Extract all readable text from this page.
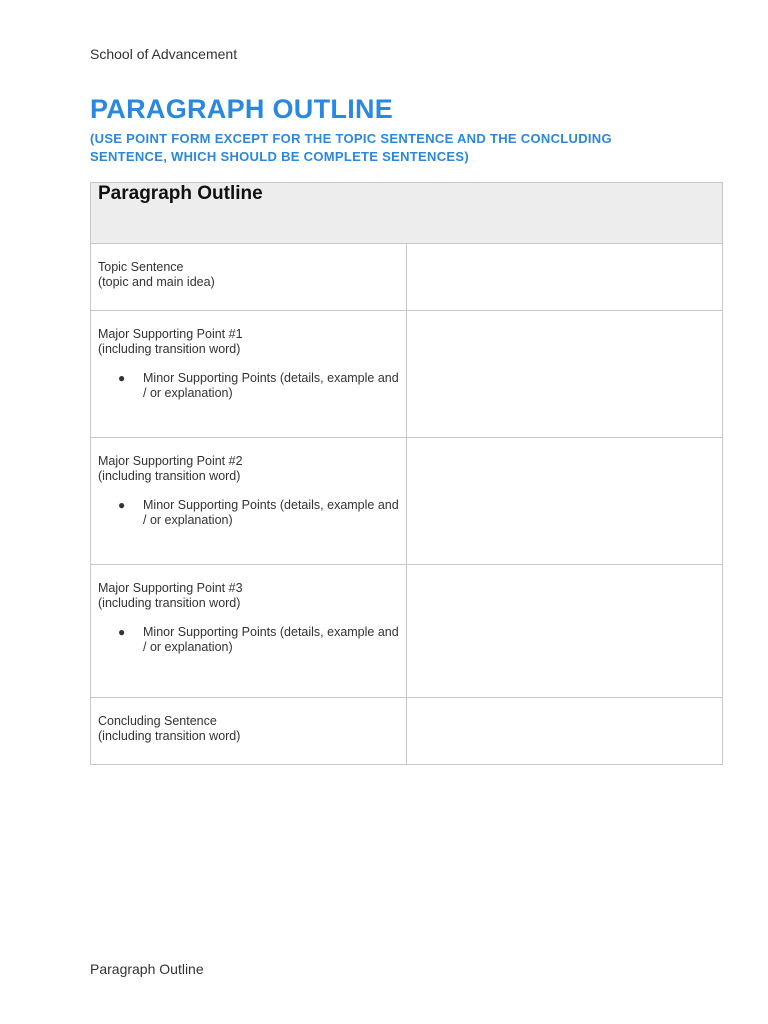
School of Advancement
PARAGRAPH OUTLINE
(USE POINT FORM EXCEPT FOR THE TOPIC SENTENCE AND THE CONCLUDING SENTENCE, WHICH SHOULD BE COMPLETE SENTENCES)
Paragraph Outline	

Topic Sentence
(topic and main idea)	

Major Supporting Point #1
(including transition word)
● Minor Supporting Points (details, example and / or explanation)	

Major Supporting Point #2
(including transition word)
● Minor Supporting Points (details, example and / or explanation)	

Major Supporting Point #3
(including transition word)
● Minor Supporting Points (details, example and / or explanation)	

Concluding Sentence
(including transition word)	

Paragraph Outline
